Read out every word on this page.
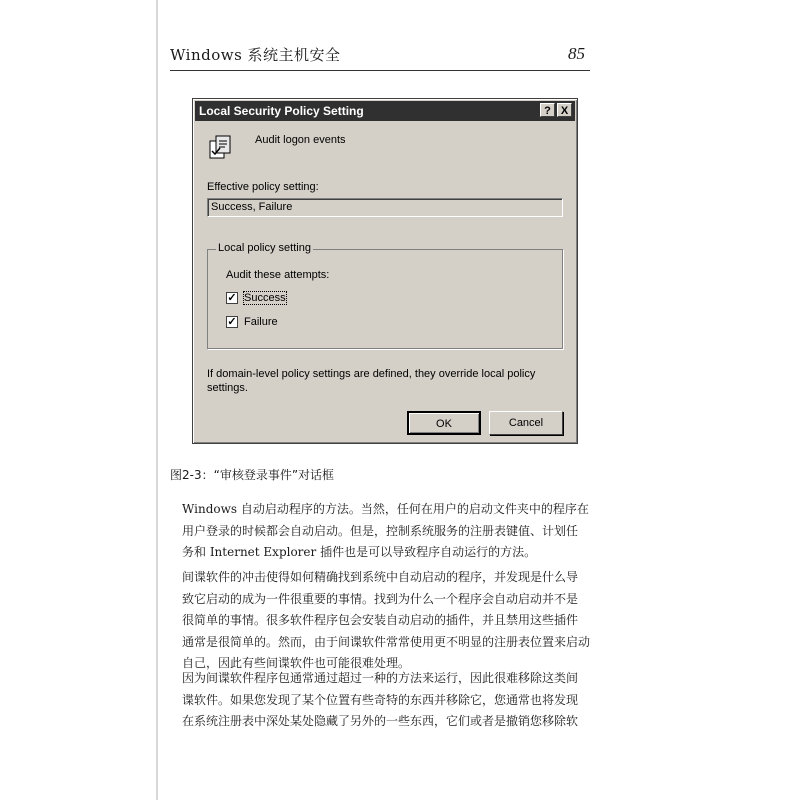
Windows 系统主机安全	85
Local Security Policy Setting	? X
Audit logon events
Effective policy setting:
Success, Failure
Local policy setting
Audit these attempts:
✓ Success
✓ Failure
If domain-level policy settings are defined, they override local policy settings.
OK	Cancel
图2-3：“审核登录事件”对话框

Windows 自动启动程序的方法。当然，任何在用户的启动文件夹中的程序在
用户登录的时候都会自动启动。但是，控制系统服务的注册表键值、计划任
务和 Internet Explorer 插件也是可以导致程序自动运行的方法。

间谍软件的冲击使得如何精确找到系统中自动启动的程序，并发现是什么导
致它启动的成为一件很重要的事情。找到为什么一个程序会自动启动并不是
很简单的事情。很多软件程序包会安装自动启动的插件，并且禁用这些插件
通常是很简单的。然而，由于间谍软件常常使用更不明显的注册表位置来启动
自己，因此有些间谍软件也可能很难处理。

因为间谍软件程序包通常通过超过一种的方法来运行，因此很难移除这类间
谍软件。如果您发现了某个位置有些奇特的东西并移除它，您通常也将发现
在系统注册表中深处某处隐藏了另外的一些东西，它们或者是撤销您移除软
